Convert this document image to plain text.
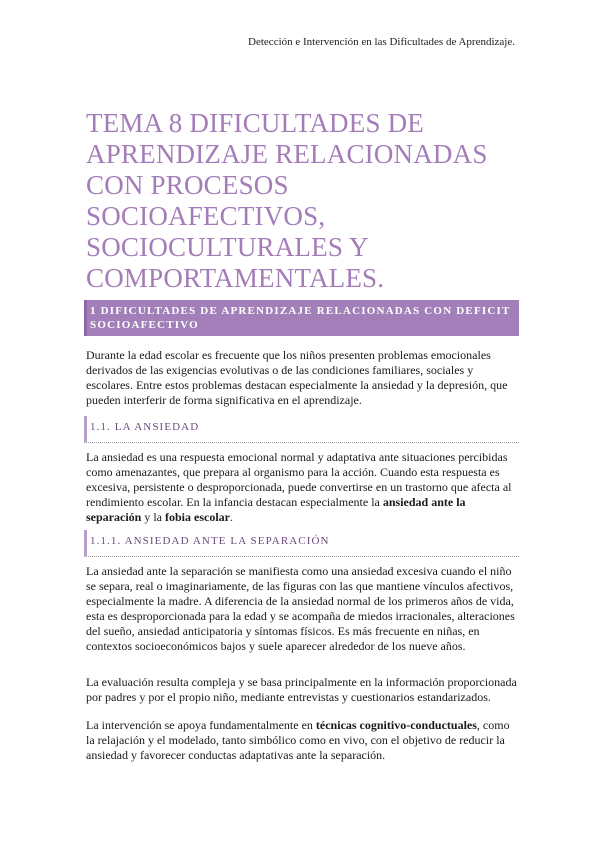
Detección e Intervención en las Dificultades de Aprendizaje.
TEMA 8 DIFICULTADES DE
APRENDIZAJE RELACIONADAS
CON PROCESOS
SOCIOAFECTIVOS,
SOCIOCULTURALES Y
COMPORTAMENTALES.
1 DIFICULTADES DE APRENDIZAJE RELACIONADAS CON DEFICIT SOCIOAFECTIVO
Durante la edad escolar es frecuente que los niños presenten problemas emocionales derivados de las exigencias evolutivas o de las condiciones familiares, sociales y escolares. Entre estos problemas destacan especialmente la ansiedad y la depresión, que pueden interferir de forma significativa en el aprendizaje.
1.1. LA ANSIEDAD
La ansiedad es una respuesta emocional normal y adaptativa ante situaciones percibidas como amenazantes, que prepara al organismo para la acción. Cuando esta respuesta es excesiva, persistente o desproporcionada, puede convertirse en un trastorno que afecta al rendimiento escolar. En la infancia destacan especialmente la ansiedad ante la separación y la fobia escolar.
1.1.1. ANSIEDAD ANTE LA SEPARACIÓN
La ansiedad ante la separación se manifiesta como una ansiedad excesiva cuando el niño se separa, real o imaginariamente, de las figuras con las que mantiene vínculos afectivos, especialmente la madre. A diferencia de la ansiedad normal de los primeros años de vida, esta es desproporcionada para la edad y se acompaña de miedos irracionales, alteraciones del sueño, ansiedad anticipatoria y síntomas físicos. Es más frecuente en niñas, en contextos socioeconómicos bajos y suele aparecer alrededor de los nueve años.
La evaluación resulta compleja y se basa principalmente en la información proporcionada por padres y por el propio niño, mediante entrevistas y cuestionarios estandarizados.
La intervención se apoya fundamentalmente en técnicas cognitivo-conductuales, como la relajación y el modelado, tanto simbólico como en vivo, con el objetivo de reducir la ansiedad y favorecer conductas adaptativas ante la separación.
